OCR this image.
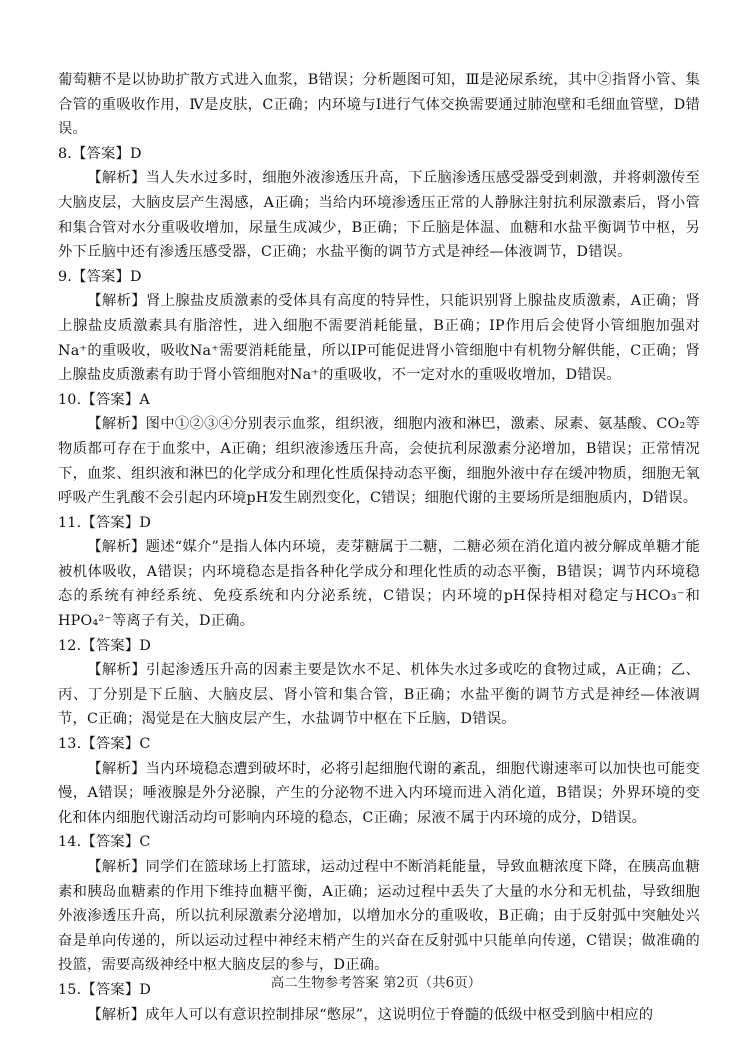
葡萄糖不是以协助扩散方式进入血浆，B错误；分析题图可知，Ⅲ是泌尿系统，其中②指肾小管、集合管的重吸收作用，Ⅳ是皮肤，C正确；内环境与Ⅰ进行气体交换需要通过肺泡壁和毛细血管壁，D错误。

8.【答案】D

【解析】当人失水过多时，细胞外液渗透压升高，下丘脑渗透压感受器受到刺激，并将刺激传至大脑皮层，大脑皮层产生渴感，A正确；当给内环境渗透压正常的人静脉注射抗利尿激素后，肾小管和集合管对水分重吸收增加，尿量生成减少，B正确；下丘脑是体温、血糖和水盐平衡调节中枢，另外下丘脑中还有渗透压感受器，C正确；水盐平衡的调节方式是神经—体液调节，D错误。

9.【答案】D

【解析】肾上腺盐皮质激素的受体具有高度的特异性，只能识别肾上腺盐皮质激素，A正确；肾上腺盐皮质激素具有脂溶性，进入细胞不需要消耗能量，B正确；IP作用后会使肾小管细胞加强对Na⁺的重吸收，吸收Na⁺需要消耗能量，所以IP可能促进肾小管细胞中有机物分解供能，C正确；肾上腺盐皮质激素有助于肾小管细胞对Na⁺的重吸收，不一定对水的重吸收增加，D错误。

10.【答案】A

【解析】图中①②③④分别表示血浆，组织液，细胞内液和淋巴，激素、尿素、氨基酸、CO₂等物质都可存在于血浆中，A正确；组织液渗透压升高，会使抗利尿激素分泌增加，B错误；正常情况下，血浆、组织液和淋巴的化学成分和理化性质保持动态平衡，细胞外液中存在缓冲物质，细胞无氧呼吸产生乳酸不会引起内环境pH发生剧烈变化，C错误；细胞代谢的主要场所是细胞质内，D错误。

11.【答案】D

【解析】题述“媒介”是指人体内环境，麦芽糖属于二糖，二糖必须在消化道内被分解成单糖才能被机体吸收，A错误；内环境稳态是指各种化学成分和理化性质的动态平衡，B错误；调节内环境稳态的系统有神经系统、免疫系统和内分泌系统，C错误；内环境的pH保持相对稳定与HCO₃⁻和HPO₄²⁻等离子有关，D正确。

12.【答案】D

【解析】引起渗透压升高的因素主要是饮水不足、机体失水过多或吃的食物过咸，A正确；乙、丙、丁分别是下丘脑、大脑皮层、肾小管和集合管，B正确；水盐平衡的调节方式是神经—体液调节，C正确；渴觉是在大脑皮层产生，水盐调节中枢在下丘脑，D错误。

13.【答案】C

【解析】当内环境稳态遭到破坏时，必将引起细胞代谢的紊乱，细胞代谢速率可以加快也可能变慢，A错误；唾液腺是外分泌腺，产生的分泌物不进入内环境而进入消化道，B错误；外界环境的变化和体内细胞代谢活动均可影响内环境的稳态，C正确；尿液不属于内环境的成分，D错误。

14.【答案】C

【解析】同学们在篮球场上打篮球，运动过程中不断消耗能量，导致血糖浓度下降，在胰高血糖素和胰岛血糖素的作用下维持血糖平衡，A正确；运动过程中丢失了大量的水分和无机盐，导致细胞外液渗透压升高，所以抗利尿激素分泌增加，以增加水分的重吸收，B正确；由于反射弧中突触处兴奋是单向传递的，所以运动过程中神经末梢产生的兴奋在反射弧中只能单向传递，C错误；做准确的投篮，需要高级神经中枢大脑皮层的参与，D正确。

15.【答案】D

【解析】成年人可以有意识控制排尿“憋尿”，这说明位于脊髓的低级中枢受到脑中相应的

高二生物参考答案 第2页（共6页）
